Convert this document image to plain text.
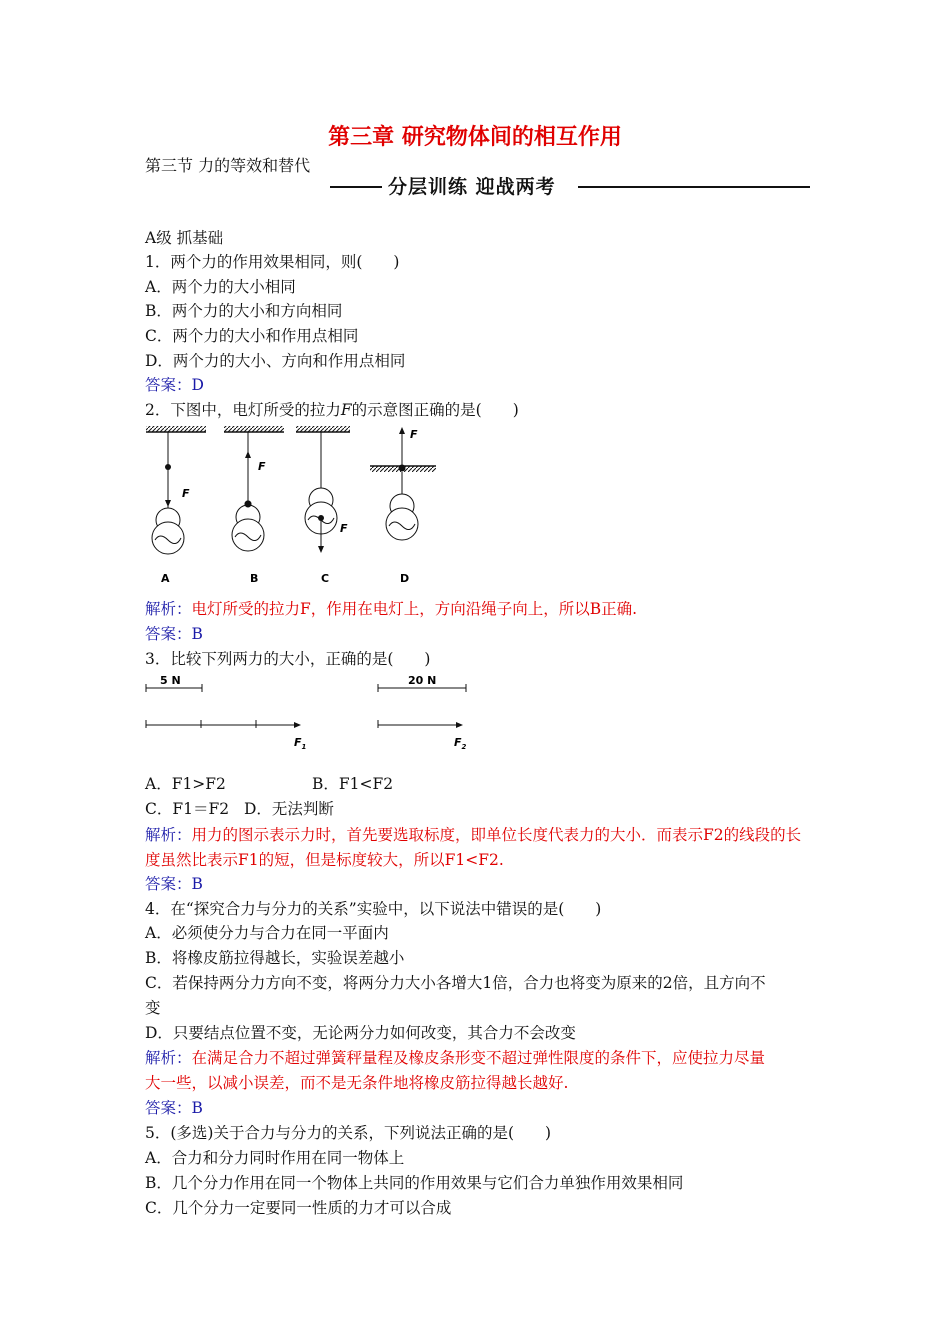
第三章 研究物体间的相互作用
第三节 力的等效和替代
分层训练 迎战两考
A级 抓基础
1．两个力的作用效果相同，则(　　)
A．两个力的大小相同
B．两个力的大小和方向相同
C．两个力的大小和作用点相同
D．两个力的大小、方向和作用点相同
答案：D
2．下图中，电灯所受的拉力F的示意图正确的是(　　)
F
A
F
B
F
C
F
D
解析：电灯所受的拉力F，作用在电灯上，方向沿绳子向上，所以B正确.
答案：B
3．比较下列两力的大小，正确的是(　　)
5 N
$F_1$
20 N
$F_2$
A．F1>F2	B．F1<F2
C．F1＝F2 D．无法判断
解析：用力的图示表示力时，首先要选取标度，即单位长度代表力的大小．而表示F2的线段的长度虽然比表示F1的短，但是标度较大，所以F1<F2.
答案：B
4．在“探究合力与分力的关系”实验中，以下说法中错误的是(　　)
A．必须使分力与合力在同一平面内
B．将橡皮筋拉得越长，实验误差越小
C．若保持两分力方向不变，将两分力大小各增大1倍，合力也将变为原来的2倍，且方向不
变
D．只要结点位置不变，无论两分力如何改变，其合力不会改变
解析：在满足合力不超过弹簧秤量程及橡皮条形变不超过弹性限度的条件下，应使拉力尽量
大一些，以减小误差，而不是无条件地将橡皮筋拉得越长越好.
答案：B
5．(多选)关于合力与分力的关系，下列说法正确的是(　　)
A．合力和分力同时作用在同一物体上
B．几个分力作用在同一个物体上共同的作用效果与它们合力单独作用效果相同
C．几个分力一定要同一性质的力才可以合成
